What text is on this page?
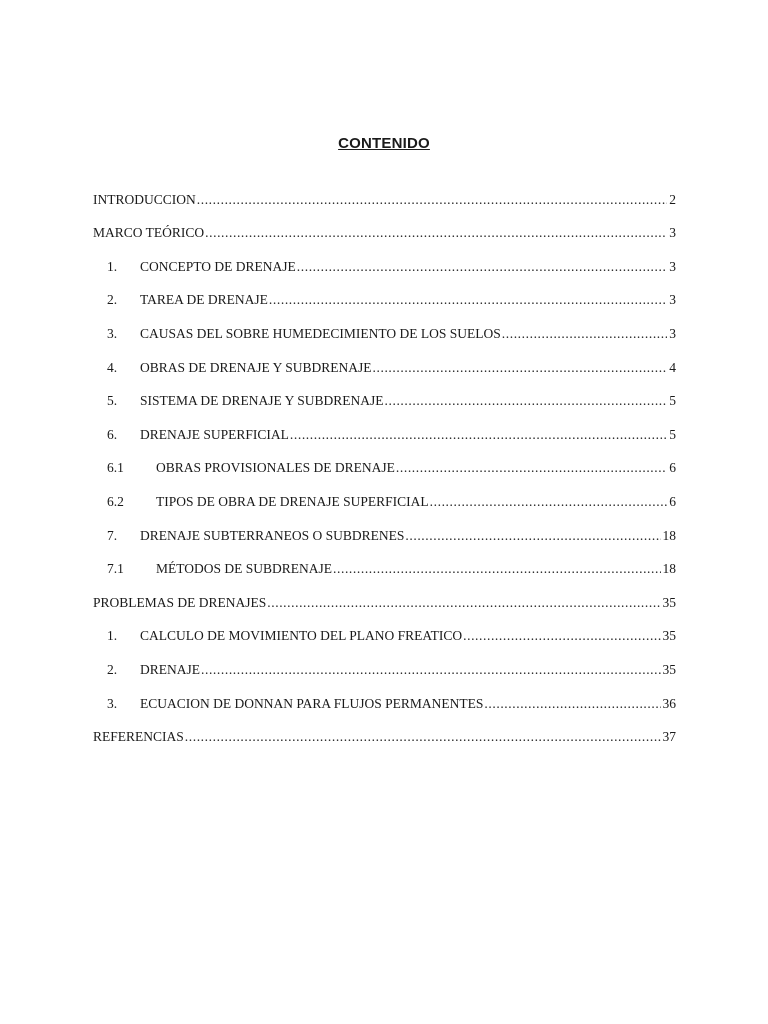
CONTENIDO
INTRODUCCION .....	2
MARCO TEÓRICO .....	3
1.	CONCEPTO DE DRENAJE .....	3
2.	TAREA DE DRENAJE .....	3
3.	CAUSAS DEL SOBRE HUMEDECIMIENTO DE LOS SUELOS .....	3
4.	OBRAS DE DRENAJE Y SUBDRENAJE .....	4
5.	SISTEMA DE DRENAJE Y SUBDRENAJE .....	5
6.	DRENAJE SUPERFICIAL .....	5
6.1	OBRAS PROVISIONALES DE DRENAJE .....	6
6.2	TIPOS DE OBRA DE DRENAJE SUPERFICIAL .....	6
7.	DRENAJE SUBTERRANEOS O SUBDRENES .....	18
7.1	MÉTODOS DE SUBDRENAJE .....	18
PROBLEMAS DE DRENAJES .....	35
1.	CALCULO DE MOVIMIENTO DEL PLANO FREATICO .....	35
2.	DRENAJE .....	35
3.	ECUACION DE DONNAN PARA FLUJOS PERMANENTES .....	36
REFERENCIAS .....	37
